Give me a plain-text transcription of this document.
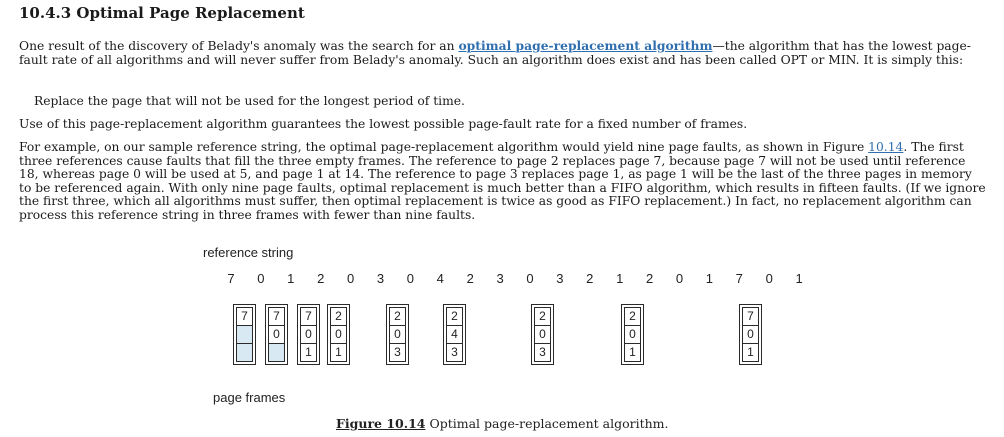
10.4.3 Optimal Page Replacement

One result of the discovery of Belady's anomaly was the search for an optimal page-replacement algorithm—the algorithm that has the lowest page-fault rate of all algorithms and will never suffer from Belady's anomaly. Such an algorithm does exist and has been called OPT or MIN. It is simply this:

Replace the page that will not be used for the longest period of time.

Use of this page-replacement algorithm guarantees the lowest possible page-fault rate for a fixed number of frames.

For example, on our sample reference string, the optimal page-replacement algorithm would yield nine page faults, as shown in Figure 10.14. The first three references cause faults that fill the three empty frames. The reference to page 2 replaces page 7, because page 7 will not be used until reference 18, whereas page 0 will be used at 5, and page 1 at 14. The reference to page 3 replaces page 1, as page 1 will be the last of the three pages in memory to be referenced again. With only nine page faults, optimal replacement is much better than a FIFO algorithm, which results in fifteen faults. (If we ignore the first three, which all algorithms must suffer, then optimal replacement is twice as good as FIFO replacement.) In fact, no replacement algorithm can process this reference string in three frames with fewer than nine faults.

reference string
7 0 1 2 0 3 0 4 2 3 0 3 2 1 2 0 1 7 0 1
7	7
0
7
0
1
2
0
1
2
0
3
2
4
3
2
0
3
2
0
1
7
0
1
page frames
Figure 10.14 Optimal page-replacement algorithm.
